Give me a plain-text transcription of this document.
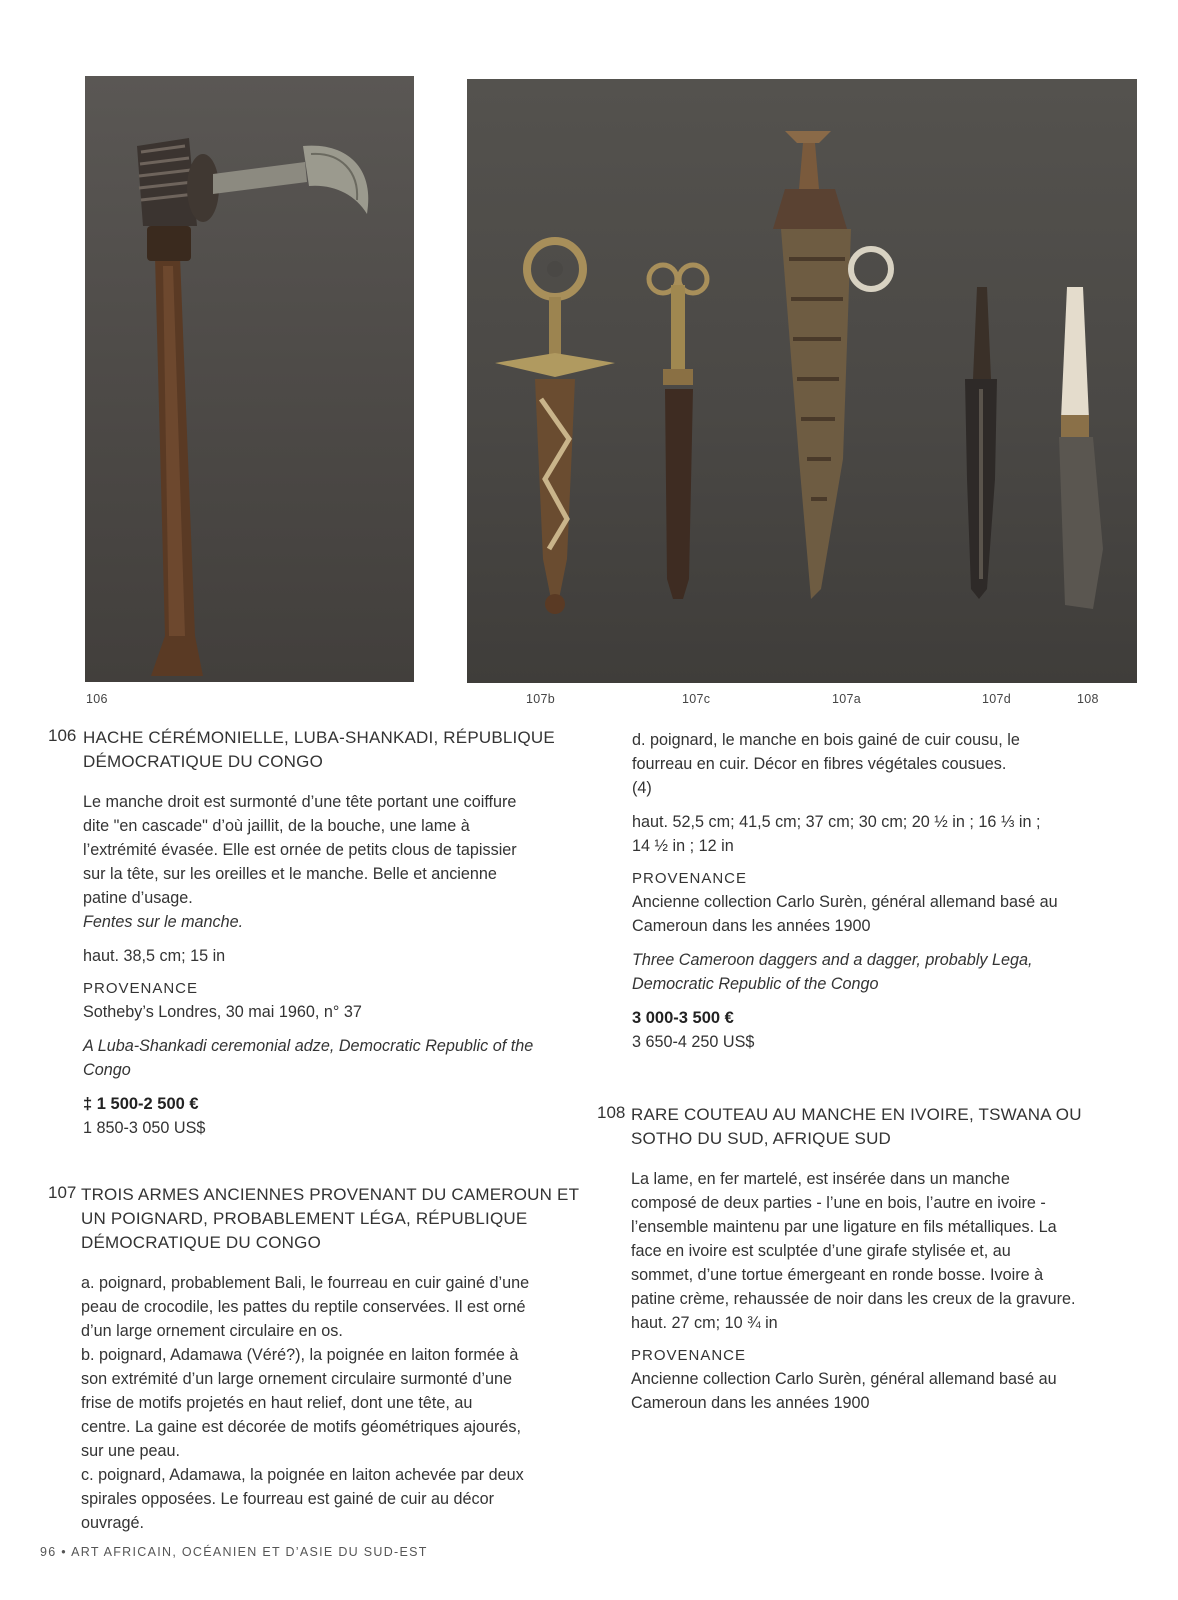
106	107b	107c	107a	107d	108
106 HACHE CÉRÉMONIELLE, LUBA-SHANKADI, RÉPUBLIQUE
DÉMOCRATIQUE DU CONGO
Le manche droit est surmonté d’une tête portant une coiffure
dite "en cascade" d’où jaillit, de la bouche, une lame à
l’extrémité évasée. Elle est ornée de petits clous de tapissier
sur la tête, sur les oreilles et le manche. Belle et ancienne
patine d’usage.
Fentes sur le manche.
haut. 38,5 cm; 15 in
PROVENANCE
Sotheby’s Londres, 30 mai 1960, n° 37
A Luba-Shankadi ceremonial adze, Democratic Republic of the
Congo
‡ 1 500-2 500 €
1 850-3 050 US$
107 TROIS ARMES ANCIENNES PROVENANT DU CAMEROUN ET
UN POIGNARD, PROBABLEMENT LÉGA, RÉPUBLIQUE
DÉMOCRATIQUE DU CONGO
a. poignard, probablement Bali, le fourreau en cuir gainé d’une
peau de crocodile, les pattes du reptile conservées. Il est orné
d’un large ornement circulaire en os.
b. poignard, Adamawa (Véré?), la poignée en laiton formée à
son extrémité d’un large ornement circulaire surmonté d’une
frise de motifs projetés en haut relief, dont une tête, au
centre. La gaine est décorée de motifs géométriques ajourés,
sur une peau.
c. poignard, Adamawa, la poignée en laiton achevée par deux
spirales opposées. Le fourreau est gainé de cuir au décor
ouvragé.
d. poignard, le manche en bois gainé de cuir cousu, le
fourreau en cuir. Décor en fibres végétales cousues.
(4)
haut. 52,5 cm; 41,5 cm; 37 cm; 30 cm; 20 ½ in ; 16 ⅓ in ;
14 ½ in ; 12 in
PROVENANCE
Ancienne collection Carlo Surèn, général allemand basé au
Cameroun dans les années 1900
Three Cameroon daggers and a dagger, probably Lega,
Democratic Republic of the Congo
3 000-3 500 €
3 650-4 250 US$
108 RARE COUTEAU AU MANCHE EN IVOIRE, TSWANA OU
SOTHO DU SUD, AFRIQUE SUD
La lame, en fer martelé, est insérée dans un manche
composé de deux parties - l’une en bois, l’autre en ivoire -
l’ensemble maintenu par une ligature en fils métalliques. La
face en ivoire est sculptée d’une girafe stylisée et, au
sommet, d’une tortue émergeant en ronde bosse. Ivoire à
patine crème, rehaussée de noir dans les creux de la gravure.
haut. 27 cm; 10 ¾ in
PROVENANCE
Ancienne collection Carlo Surèn, général allemand basé au
Cameroun dans les années 1900
96 • ART AFRICAIN, OCÉANIEN ET D’ASIE DU SUD-EST
